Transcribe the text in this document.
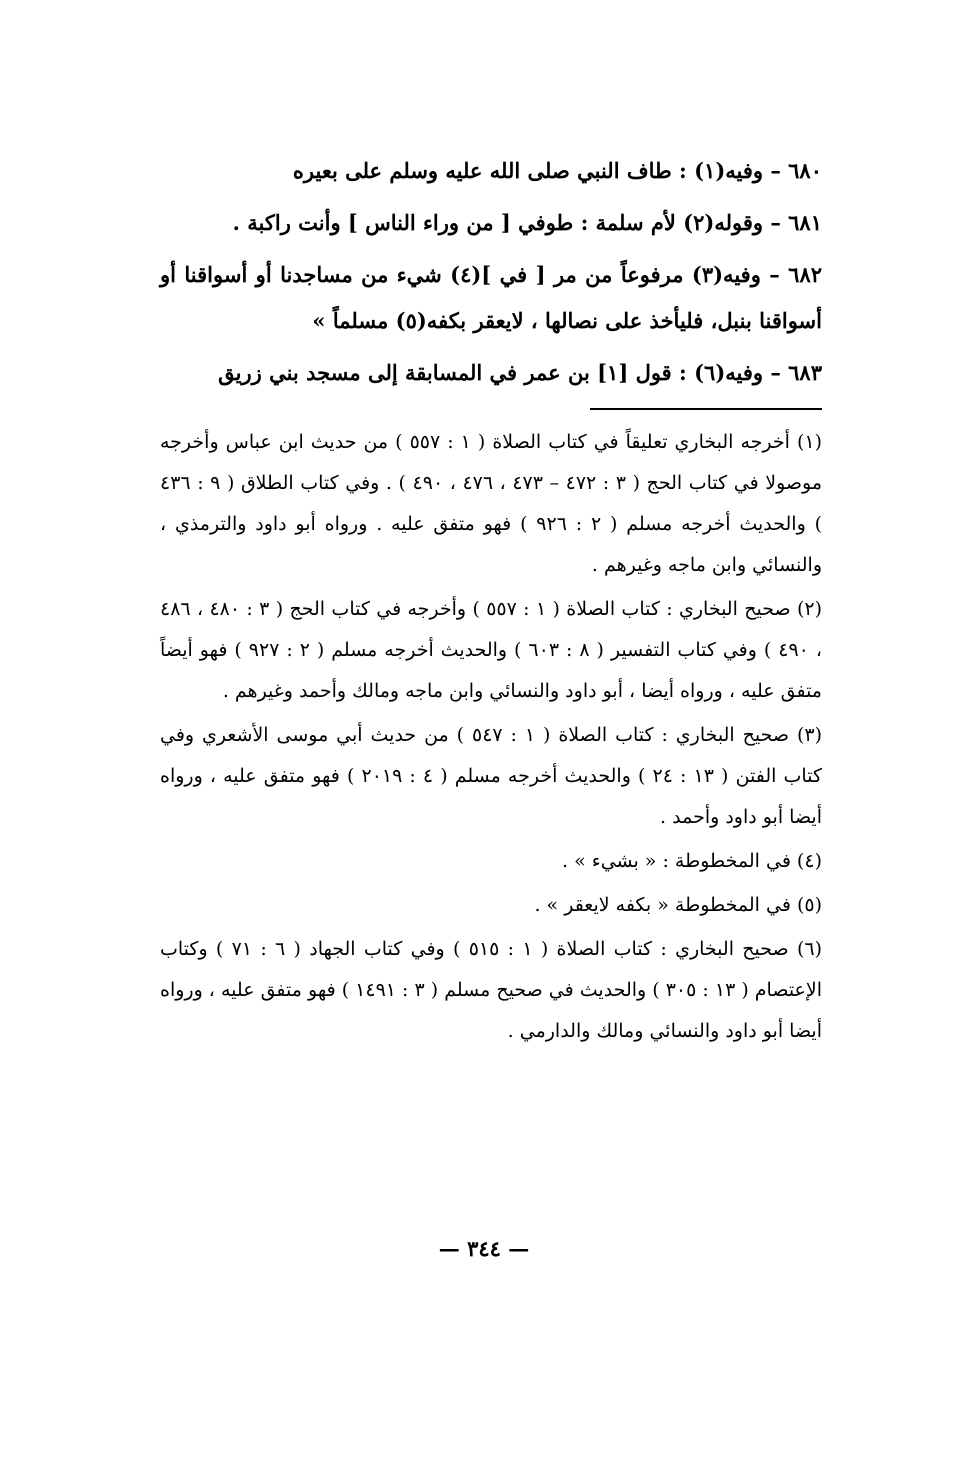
٦٨٠ – وفيه(١) : طاف النبي صلى الله عليه وسلم على بعيره

٦٨١ – وقوله(٢) لأم سلمة : طوفي [ من وراء الناس ] وأنت راكبة .

٦٨٢ – وفيه(٣) مرفوعاً من مر [ في ](٤) شيء من مساجدنا أو أسواقنا أو أسواقنا بنبل، فليأخذ على نصالها ، لايعقر بكفه(٥) مسلماً »

٦٨٣ – وفيه(٦) : قول [١] بن عمر في المسابقة إلى مسجد بني زريق

(١) أخرجه البخاري تعليقاً في كتاب الصلاة ( ١ : ٥٥٧ ) من حديث ابن عباس وأخرجه موصولا في كتاب الحج ( ٣ : ٤٧٢ – ٤٧٣ ، ٤٧٦ ، ٤٩٠ ) . وفي كتاب الطلاق ( ٩ : ٤٣٦ ) والحديث أخرجه مسلم ( ٢ : ٩٢٦ ) فهو متفق عليه . ورواه أبو داود والترمذي ، والنسائي وابن ماجه وغيرهم .

(٢) صحيح البخاري : كتاب الصلاة ( ١ : ٥٥٧ ) وأخرجه في كتاب الحج ( ٣ : ٤٨٠ ، ٤٨٦ ، ٤٩٠ ) وفي كتاب التفسير ( ٨ : ٦٠٣ ) والحديث أخرجه مسلم ( ٢ : ٩٢٧ ) فهو أيضاً متفق عليه ، ورواه أيضا ، أبو داود والنسائي وابن ماجه ومالك وأحمد وغيرهم .

(٣) صحيح البخاري : كتاب الصلاة ( ١ : ٥٤٧ ) من حديث أبي موسى الأشعري وفي كتاب الفتن ( ١٣ : ٢٤ ) والحديث أخرجه مسلم ( ٤ : ٢٠١٩ ) فهو متفق عليه ، ورواه أيضا أبو داود وأحمد .

(٤) في المخطوطة : « بشيء » .

(٥) في المخطوطة « بكفه لايعقر » .

(٦) صحيح البخاري : كتاب الصلاة ( ١ : ٥١٥ ) وفي كتاب الجهاد ( ٦ : ٧١ ) وكتاب الإعتصام ( ١٣ : ٣٠٥ ) والحديث في صحيح مسلم ( ٣ : ١٤٩١ ) فهو متفق عليه ، ورواه أيضا أبو داود والنسائي ومالك والدارمي .

— ٣٤٤ —
